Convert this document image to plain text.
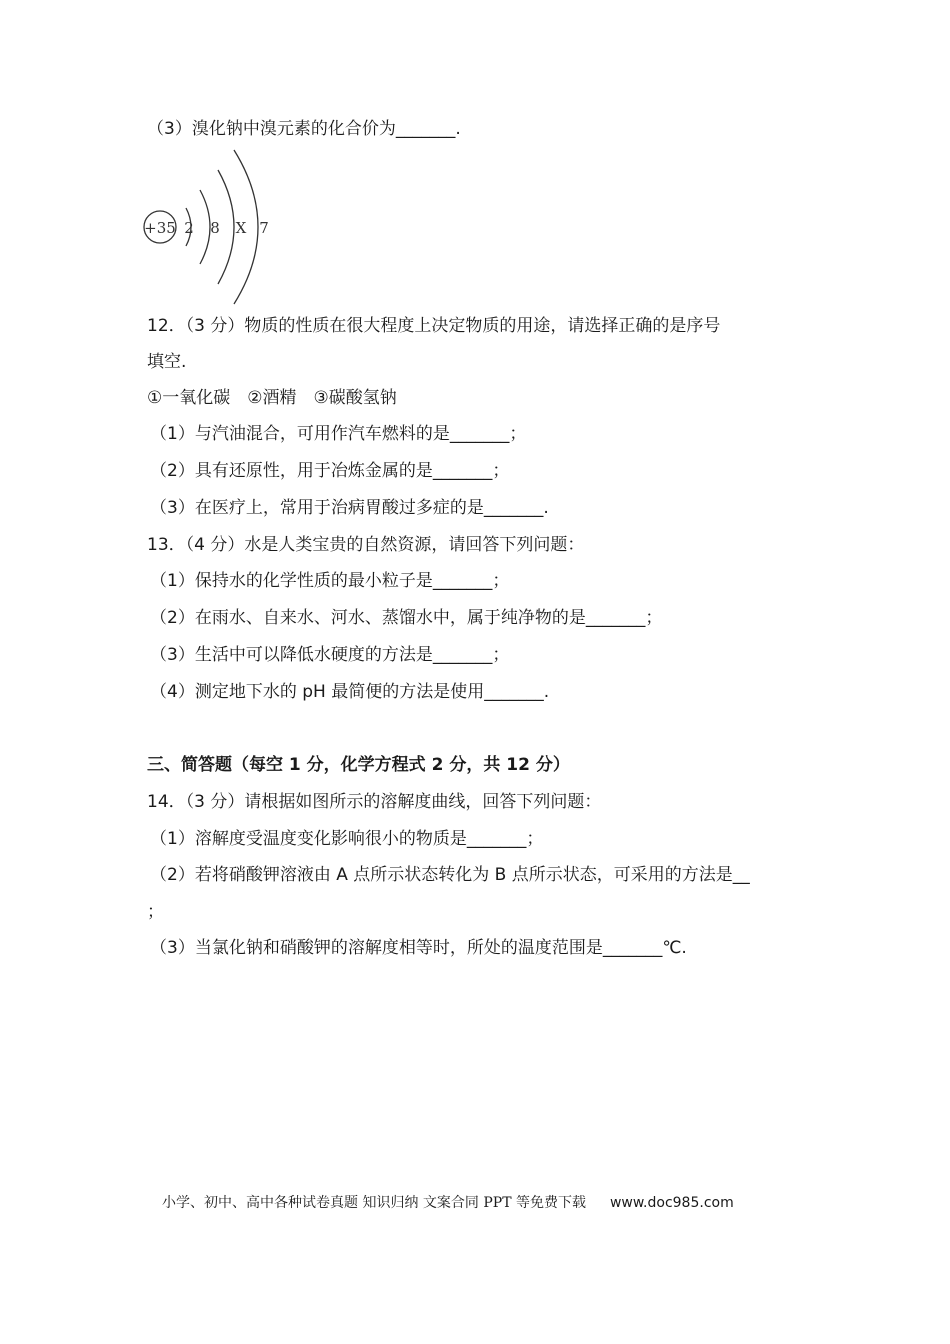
（3）溴化钠中溴元素的化合价为_______.
+35 2 8 X 7
12．（3 分）物质的性质在很大程度上决定物质的用途，请选择正确的是序号
填空.
①一氧化碳　②酒精　③碳酸氢钠
（1）与汽油混合，可用作汽车燃料的是_______；
（2）具有还原性，用于冶炼金属的是_______；
（3）在医疗上，常用于治病胃酸过多症的是_______.
13．（4 分）水是人类宝贵的自然资源，请回答下列问题：
（1）保持水的化学性质的最小粒子是_______；
（2）在雨水、自来水、河水、蒸馏水中，属于纯净物的是_______；
（3）生活中可以降低水硬度的方法是_______；
（4）测定地下水的 pH 最简便的方法是使用_______.
三、简答题（每空 1 分，化学方程式 2 分，共 12 分）
14．（3 分）请根据如图所示的溶解度曲线，回答下列问题：
（1）溶解度受温度变化影响很小的物质是_______；
（2）若将硝酸钾溶液由 A 点所示状态转化为 B 点所示状态，可采用的方法是__
；
（3）当氯化钠和硝酸钾的溶解度相等时，所处的温度范围是_______℃.
小学、初中、高中各种试卷真题 知识归纳 文案合同 PPT 等免费下载 www.doc985.com
